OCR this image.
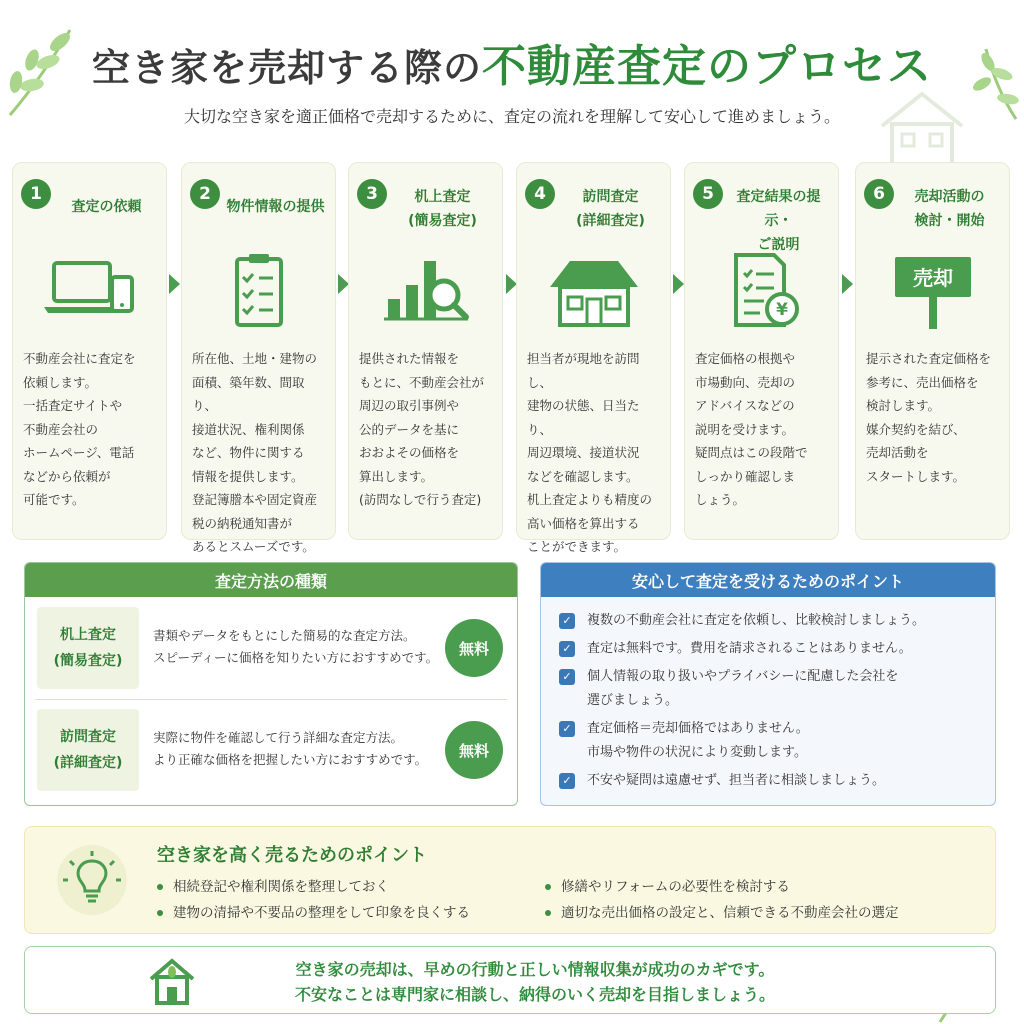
空き家を売却する際の不動産査定のプロセス
大切な空き家を適正価格で売却するために、査定の流れを理解して安心して進めましょう。
1
査定の依頼
不動産会社に査定を
依頼します。
一括査定サイトや
不動産会社の
ホームページ、電話
などから依頼が
可能です。
2
物件情報の提供
所在他、土地・建物の
面積、築年数、間取り、
接道状況、権利関係
など、物件に関する
情報を提供します。
登記簿謄本や固定資産
税の納税通知書が
あるとスムーズです。
3	机上査定
(簡易査定)
提供された情報を
もとに、不動産会社が
周辺の取引事例や
公的データを基に
おおよその価格を
算出します。
(訪問なしで行う査定)
4	訪問査定
(詳細査定)
担当者が現地を訪問し、
建物の状態、日当たり、
周辺環境、接道状況
などを確認します。
机上査定よりも精度の
高い価格を算出する
ことができます。
5	査定結果の提示・
ご説明
¥
査定価格の根拠や
市場動向、売却の
アドバイスなどの
説明を受けます。
疑問点はこの段階で
しっかり確認しま
しょう。
6	売却活動の
検討・開始
売却
提示された査定価格を
参考に、売出価格を
検討します。
媒介契約を結び、
売却活動を
スタートします。
査定方法の種類
机上査定
(簡易査定)
書類やデータをもとにした簡易的な査定方法。
スピーディーに価格を知りたい方におすすめです。	無料
訪問査定
(詳細査定)
実際に物件を確認して行う詳細な査定方法。
より正確な価格を把握したい方におすすめです。	無料
安心して査定を受けるためのポイント
✓ 複数の不動産会社に査定を依頼し、比較検討しましょう。
✓ 査定は無料です。費用を請求されることはありません。
✓ 個人情報の取り扱いやプライバシーに配慮した会社を
選びましょう。
✓ 査定価格＝売却価格ではありません。
市場や物件の状況により変動します。
✓ 不安や疑問は遠慮せず、担当者に相談しましょう。
空き家を高く売るためのポイント
相続登記や権利関係を整理しておく	修繕やリフォームの必要性を検討する
建物の清掃や不要品の整理をして印象を良くする	適切な売出価格の設定と、信頼できる不動産会社の選定
空き家の売却は、早めの行動と正しい情報収集が成功のカギです。
不安なことは専門家に相談し、納得のいく売却を目指しましょう。
